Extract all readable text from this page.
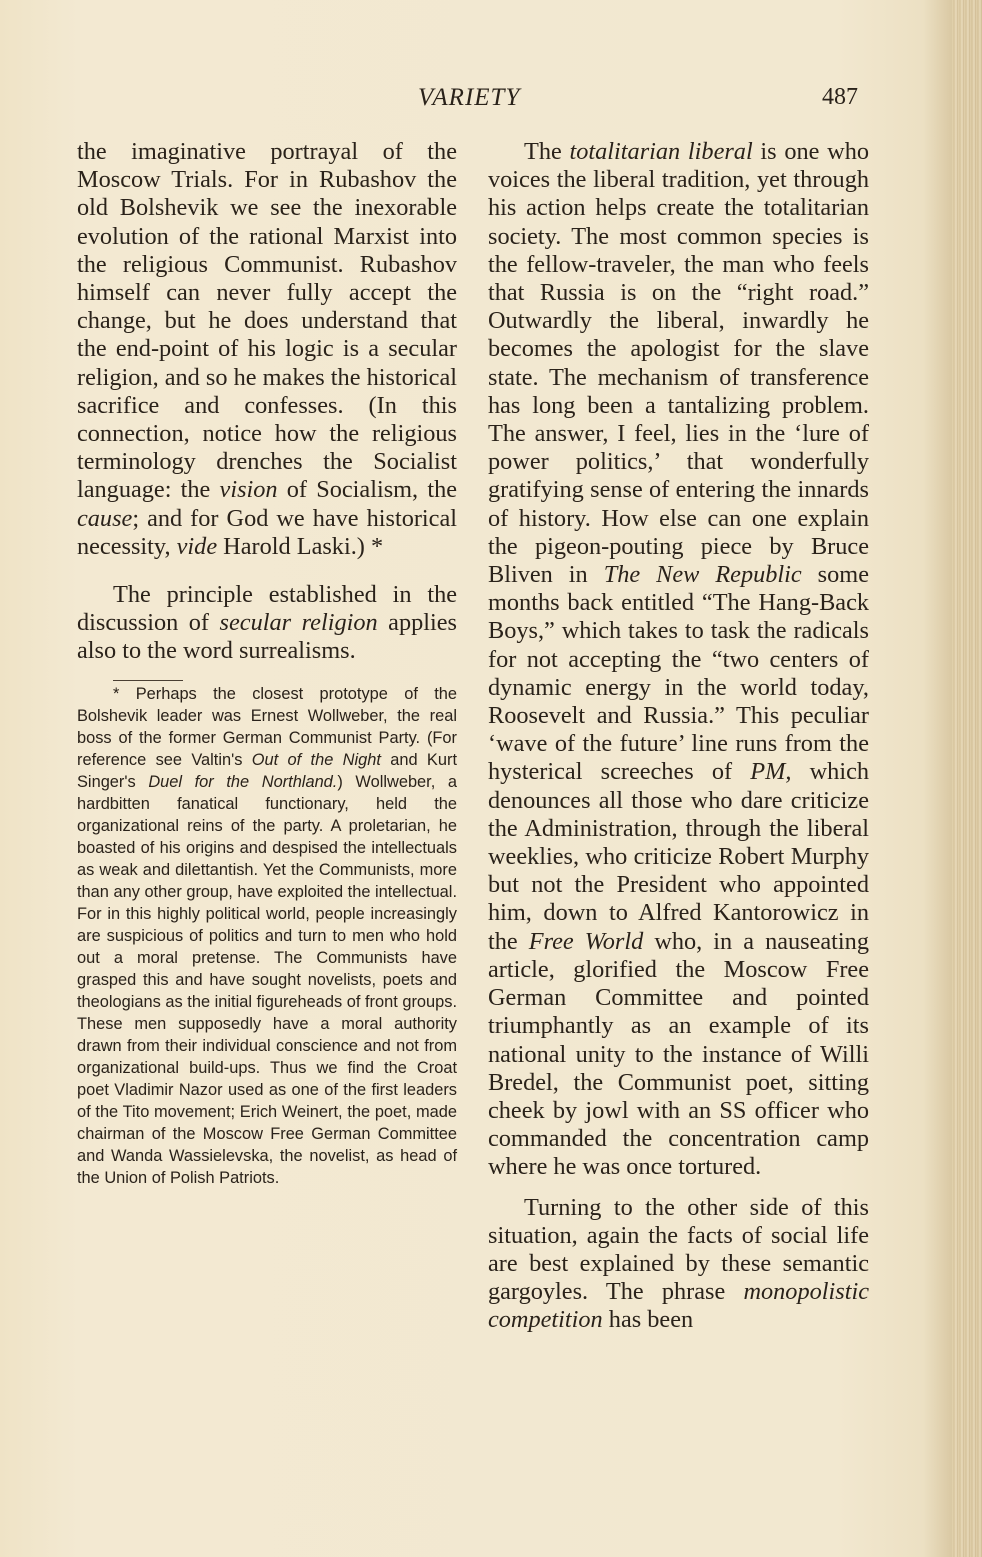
VARIETY	487

the imaginative portrayal of the Moscow Trials. For in Rubashov the old Bolshevik we see the inexorable evolution of the rational Marxist into the religious Communist. Rubashov himself can never fully accept the change, but he does understand that the end-point of his logic is a secular religion, and so he makes the historical sacrifice and confesses. (In this connection, notice how the religious terminology drenches the Socialist language: the vision of Socialism, the cause; and for God we have historical necessity, vide Harold Laski.) *

The principle established in the discussion of secular religion applies also to the word surrealisms.

* Perhaps the closest prototype of the Bolshevik leader was Ernest Wollweber, the real boss of the former German Communist Party. (For reference see Valtin's Out of the Night and Kurt Singer's Duel for the Northland.) Wollweber, a hardbitten fanatical functionary, held the organizational reins of the party. A proletarian, he boasted of his origins and despised the intellectuals as weak and dilettantish. Yet the Communists, more than any other group, have exploited the intellectual. For in this highly political world, people increasingly are suspicious of politics and turn to men who hold out a moral pretense. The Communists have grasped this and have sought novelists, poets and theologians as the initial figureheads of front groups. These men supposedly have a moral authority drawn from their individual conscience and not from organizational build-ups. Thus we find the Croat poet Vladimir Nazor used as one of the first leaders of the Tito movement; Erich Weinert, the poet, made chairman of the Moscow Free German Committee and Wanda Wassielevska, the novelist, as head of the Union of Polish Patriots.

The totalitarian liberal is one who voices the liberal tradition, yet through his action helps create the totalitarian society. The most common species is the fellow-traveler, the man who feels that Russia is on the “right road.” Outwardly the liberal, inwardly he becomes the apologist for the slave state. The mechanism of transference has long been a tantalizing problem. The answer, I feel, lies in the ‘lure of power politics,’ that wonderfully gratifying sense of entering the innards of history. How else can one explain the pigeon-pouting piece by Bruce Bliven in The New Republic some months back entitled “The Hang-Back Boys,” which takes to task the radicals for not accepting the “two centers of dynamic energy in the world today, Roosevelt and Russia.” This peculiar ‘wave of the future’ line runs from the hysterical screeches of PM, which denounces all those who dare criticize the Administration, through the liberal weeklies, who criticize Robert Murphy but not the President who appointed him, down to Alfred Kantorowicz in the Free World who, in a nauseating article, glorified the Moscow Free German Committee and pointed triumphantly as an example of its national unity to the instance of Willi Bredel, the Communist poet, sitting cheek by jowl with an SS officer who commanded the concentration camp where he was once tortured.

Turning to the other side of this situation, again the facts of social life are best explained by these semantic gargoyles. The phrase monopolistic competition has been
